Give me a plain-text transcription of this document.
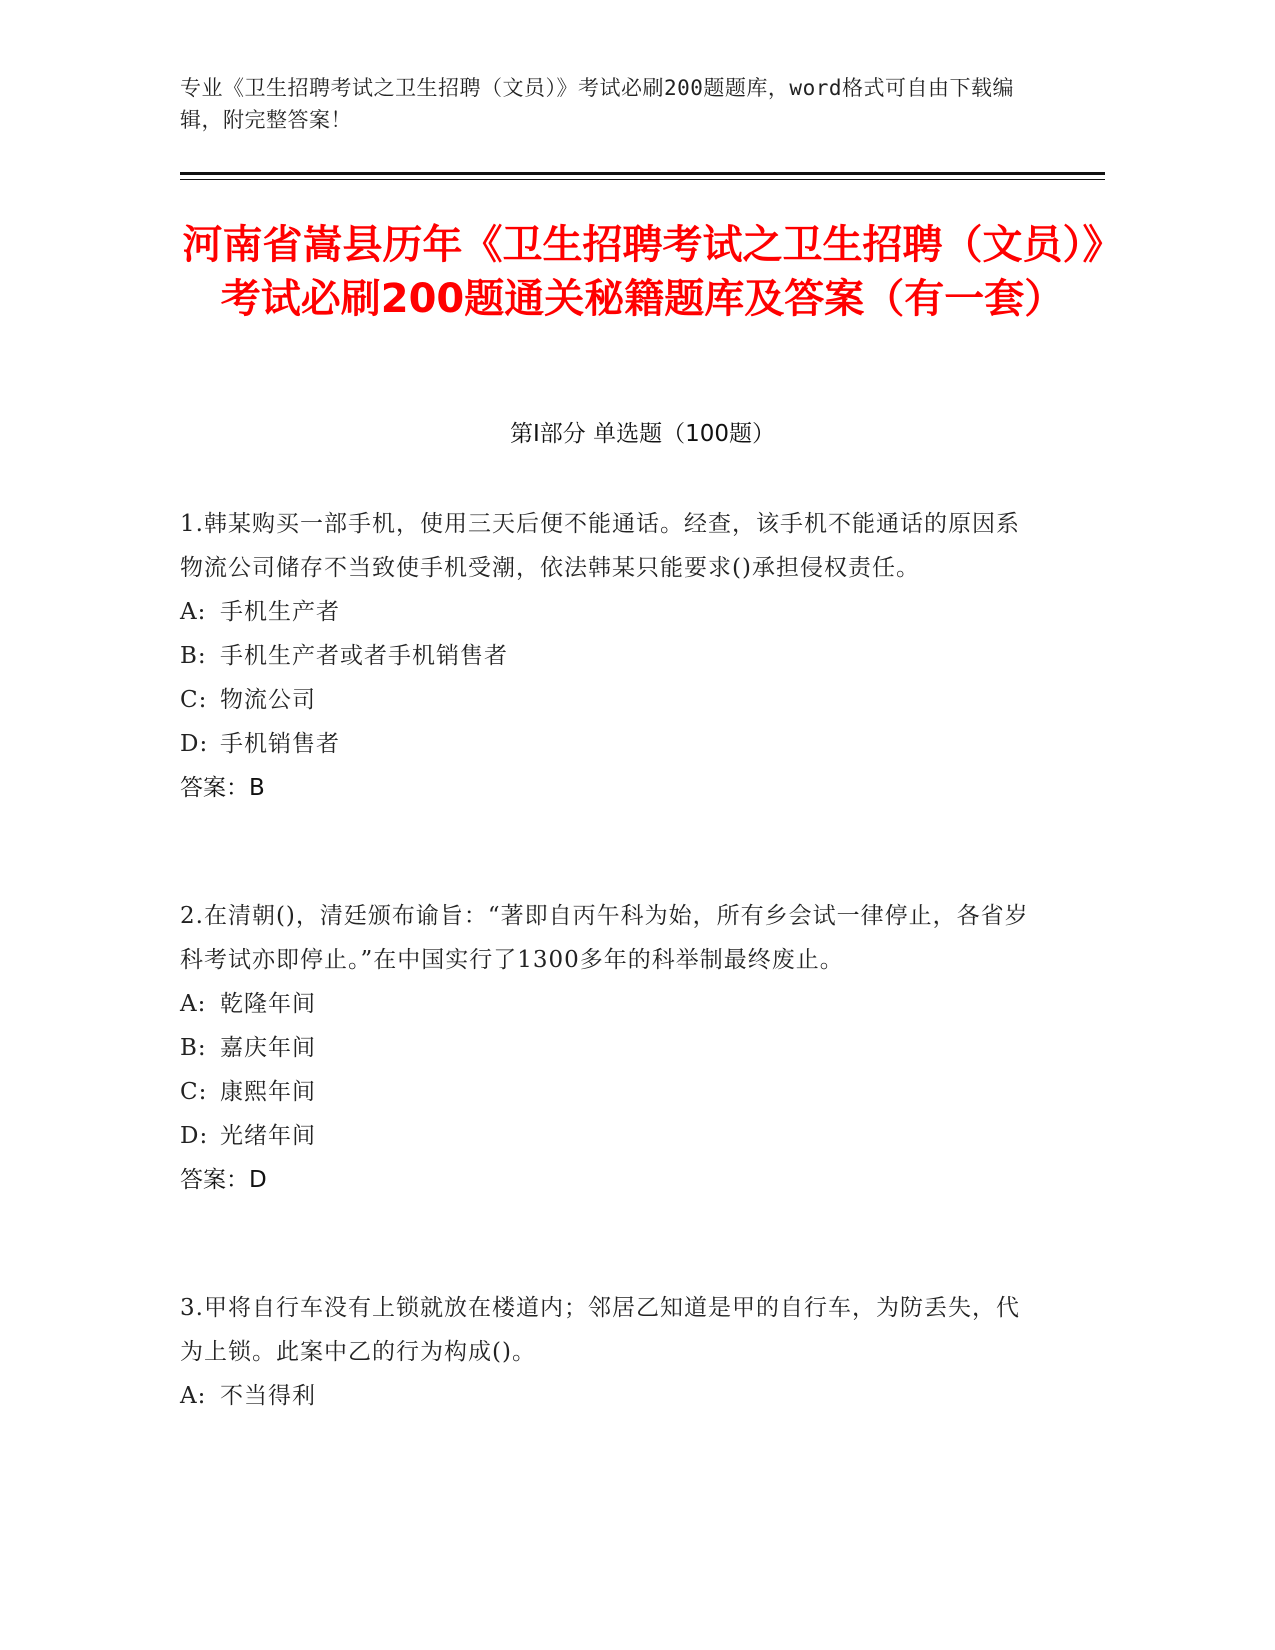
专业《卫生招聘考试之卫生招聘（文员）》考试必刷200题题库，word格式可自由下载编辑，附完整答案！
河南省嵩县历年《卫生招聘考试之卫生招聘（文员）》考试必刷200题通关秘籍题库及答案（有一套）
第Ⅰ部分 单选题（100题）
1.韩某购买一部手机，使用三天后便不能通话。经查，该手机不能通话的原因系物流公司储存不当致使手机受潮，依法韩某只能要求()承担侵权责任。
A: 手机生产者
B: 手机生产者或者手机销售者
C: 物流公司
D: 手机销售者
答案：B
2.在清朝()，清廷颁布谕旨：“著即自丙午科为始，所有乡会试一律停止，各省岁科考试亦即停止。”在中国实行了1300多年的科举制最终废止。
A: 乾隆年间
B: 嘉庆年间
C: 康熙年间
D: 光绪年间
答案：D
3.甲将自行车没有上锁就放在楼道内；邻居乙知道是甲的自行车，为防丢失，代为上锁。此案中乙的行为构成()。
A: 不当得利
